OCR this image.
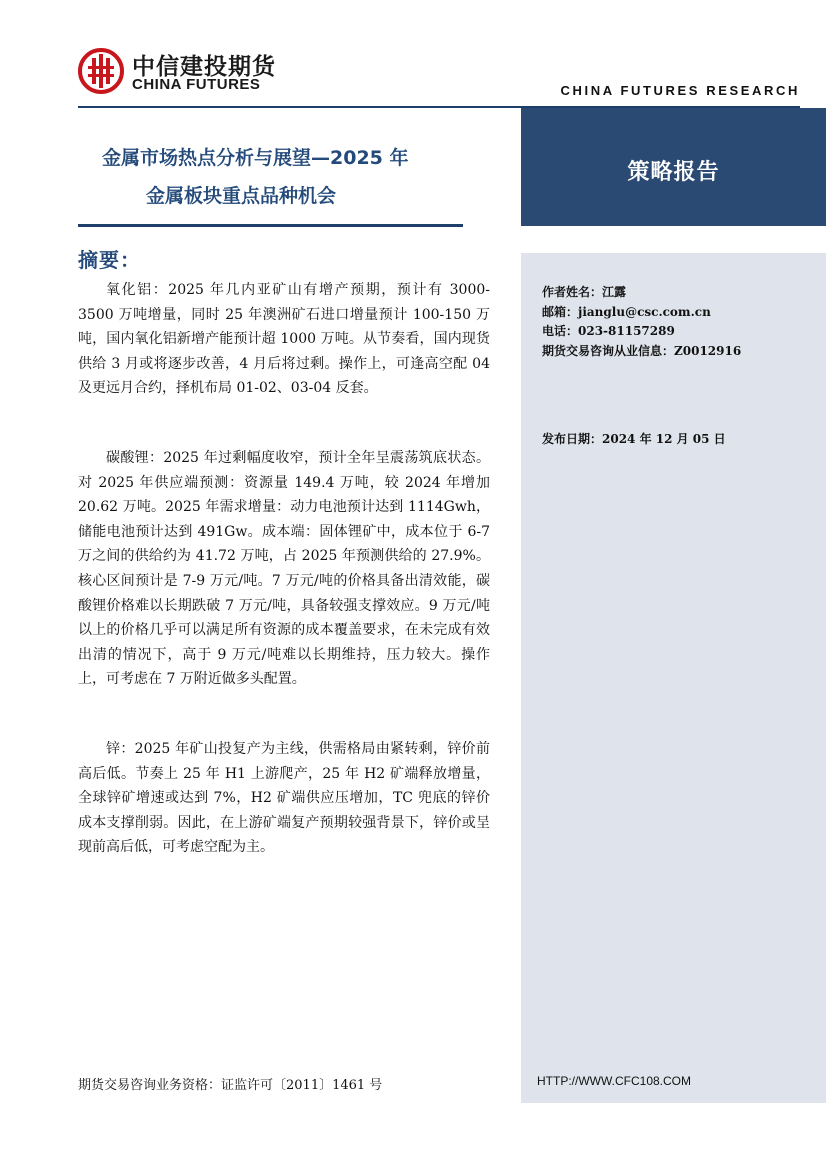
中信建投期货
CHINA FUTURES	CHINA FUTURES RESEARCH
策略报告
金属市场热点分析与展望—2025 年
金属板块重点品种机会
作者姓名：江露
邮箱：jianglu@csc.com.cn
电话：023-81157289
期货交易咨询从业信息：Z0012916
发布日期：2024 年 12 月 05 日
摘要：
氧化铝：2025 年几内亚矿山有增产预期，预计有 3000-3500 万吨增量，同时 25 年澳洲矿石进口增量预计 100-150 万吨，国内氧化铝新增产能预计超 1000 万吨。从节奏看，国内现货供给 3 月或将逐步改善，4 月后将过剩。操作上，可逢高空配 04 及更远月合约，择机布局 01-02、03-04 反套。
碳酸锂：2025 年过剩幅度收窄，预计全年呈震荡筑底状态。对 2025 年供应端预测：资源量 149.4 万吨，较 2024 年增加 20.62 万吨。2025 年需求增量：动力电池预计达到 1114Gwh，储能电池预计达到 491Gw。成本端：固体锂矿中，成本位于 6-7 万之间的供给约为 41.72 万吨，占 2025 年预测供给的 27.9%。核心区间预计是 7-9 万元/吨。7 万元/吨的价格具备出清效能，碳酸锂价格难以长期跌破 7 万元/吨，具备较强支撑效应。9 万元/吨以上的价格几乎可以满足所有资源的成本覆盖要求，在未完成有效出清的情况下，高于 9 万元/吨难以长期维持，压力较大。操作上，可考虑在 7 万附近做多头配置。
锌：2025 年矿山投复产为主线，供需格局由紧转剩，锌价前高后低。节奏上 25 年 H1 上游爬产，25 年 H2 矿端释放增量，全球锌矿增速或达到 7%，H2 矿端供应压增加，TC 兜底的锌价成本支撑削弱。因此，在上游矿端复产预期较强背景下，锌价或呈现前高后低，可考虑空配为主。
期货交易咨询业务资格：证监许可〔2011〕1461 号	HTTP://WWW.CFC108.COM
